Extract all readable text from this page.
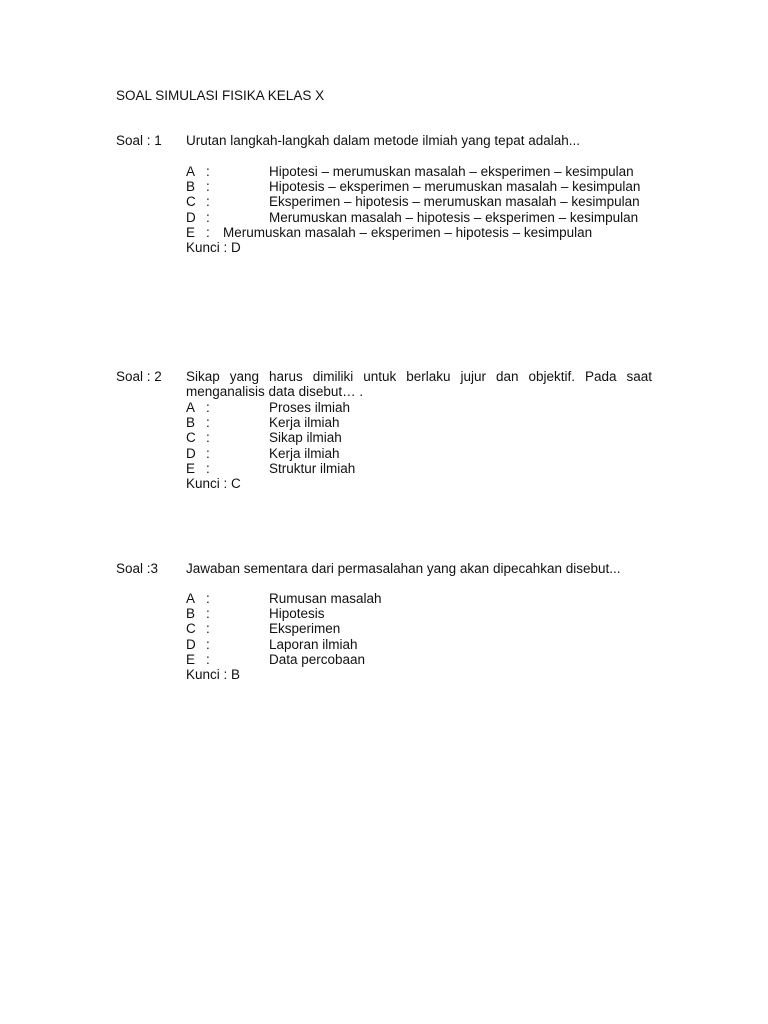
SOAL SIMULASI FISIKA KELAS X
Soal : 1	Urutan langkah-langkah dalam metode ilmiah yang tepat adalah...
A :	Hipotesi – merumuskan masalah – eksperimen – kesimpulan
B :	Hipotesis – eksperimen – merumuskan masalah – kesimpulan
C :	Eksperimen – hipotesis – merumuskan masalah – kesimpulan
D :	Merumuskan masalah – hipotesis – eksperimen – kesimpulan
E : Merumuskan masalah – eksperimen – hipotesis – kesimpulan
Kunci : D
Soal : 2	Sikap yang harus dimiliki untuk berlaku jujur dan objektif. Pada saat menganalisis data disebut… .
A :	Proses ilmiah
B :	Kerja ilmiah
C :	Sikap ilmiah
D :	Kerja ilmiah
E :	Struktur ilmiah
Kunci : C
Soal :3	Jawaban sementara dari permasalahan yang akan dipecahkan disebut...
A :	Rumusan masalah
B :	Hipotesis
C :	Eksperimen
D :	Laporan ilmiah
E :	Data percobaan
Kunci : B
